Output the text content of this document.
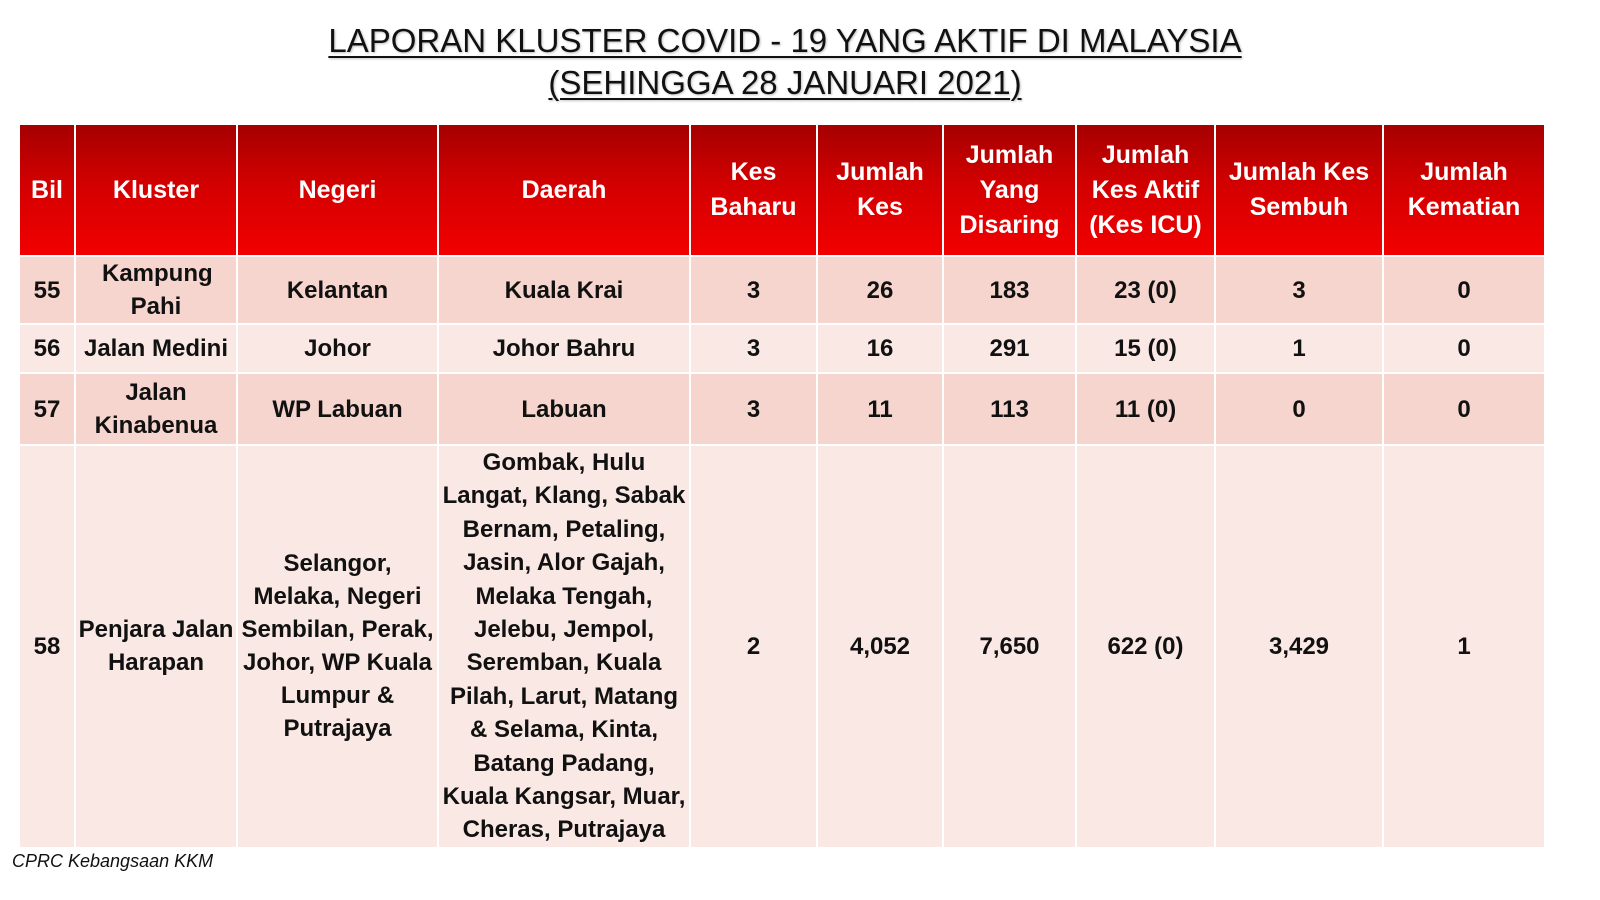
LAPORAN KLUSTER COVID - 19 YANG AKTIF DI MALAYSIA
(SEHINGGA 28 JANUARI 2021)
Bil	Kluster	Negeri	Daerah	Kes Baharu	Jumlah Kes	Jumlah Yang Disaring	Jumlah Kes Aktif (Kes ICU)	Jumlah Kes Sembuh	Jumlah Kematian
55	Kampung Pahi	Kelantan	Kuala Krai	3	26	183	23 (0)	3	0
56	Jalan Medini	Johor	Johor Bahru	3	16	291	15 (0)	1	0
57	Jalan Kinabenua	WP Labuan	Labuan	3	11	113	11 (0)	0	0
58	Penjara Jalan Harapan	Selangor, Melaka, Negeri Sembilan, Perak, Johor, WP Kuala Lumpur & Putrajaya	Gombak, Hulu Langat, Klang, Sabak Bernam, Petaling, Jasin, Alor Gajah, Melaka Tengah, Jelebu, Jempol, Seremban, Kuala Pilah, Larut, Matang & Selama, Kinta, Batang Padang, Kuala Kangsar, Muar, Cheras, Putrajaya	2	4,052	7,650	622 (0)	3,429	1
CPRC Kebangsaan KKM
